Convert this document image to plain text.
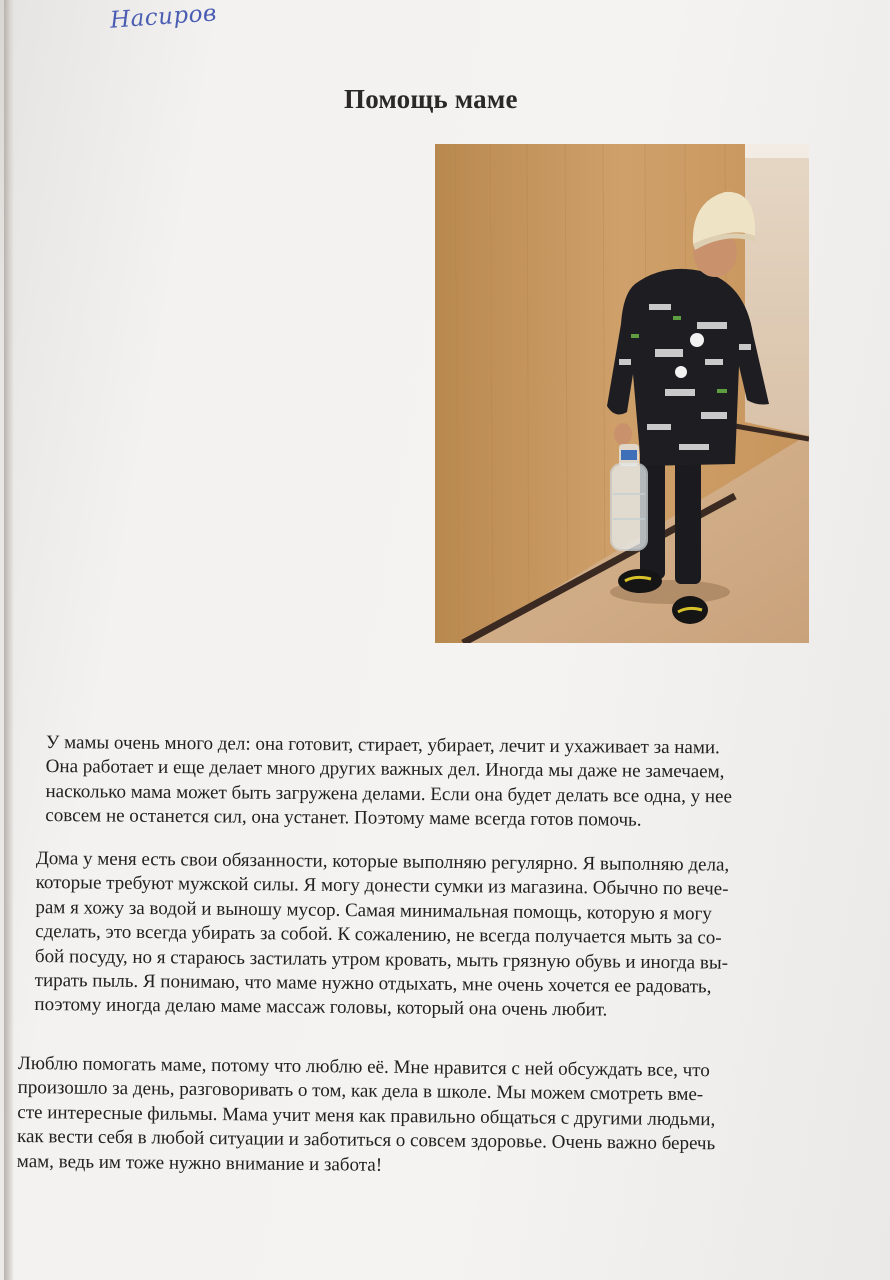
Насиров
Помощь маме
У мамы очень много дел: она готовит, стирает, убирает, лечит и ухаживает за нами.
Она работает и еще делает много других важных дел. Иногда мы даже не замечаем,
насколько мама может быть загружена делами. Если она будет делать все одна, у нее
совсем не останется сил, она устанет. Поэтому маме всегда готов помочь.
Дома у меня есть свои обязанности, которые выполняю регулярно. Я выполняю дела,
которые требуют мужской силы. Я могу донести сумки из магазина. Обычно по вече-
рам я хожу за водой и выношу мусор. Самая минимальная помощь, которую я могу
сделать, это всегда убирать за собой. К сожалению, не всегда получается мыть за со-
бой посуду, но я стараюсь застилать утром кровать, мыть грязную обувь и иногда вы-
тирать пыль. Я понимаю, что маме нужно отдыхать, мне очень хочется ее радовать,
поэтому иногда делаю маме массаж головы, который она очень любит.
Люблю помогать маме, потому что люблю её. Мне нравится с ней обсуждать все, что
произошло за день, разговоривать о том, как дела в школе. Мы можем смотреть вме-
сте интересные фильмы. Мама учит меня как правильно общаться с другими людьми,
как вести себя в любой ситуации и заботиться о совсем здоровье. Очень важно беречь
мам, ведь им тоже нужно внимание и забота!
